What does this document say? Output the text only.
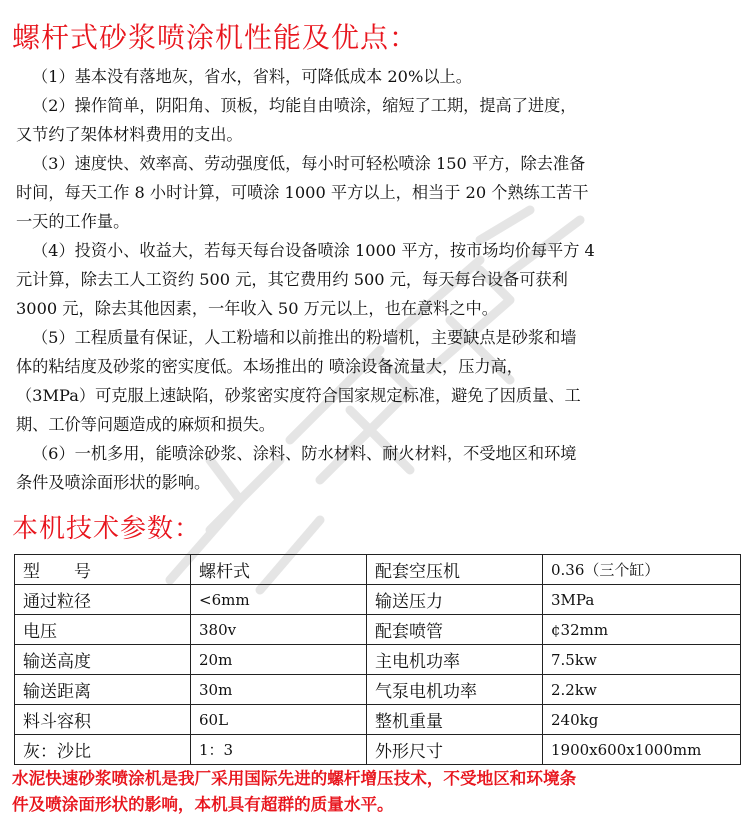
螺杆式砂浆喷涂机性能及优点：

（1）基本没有落地灰，省水，省料，可降低成本 20%以上。

（2）操作简单，阴阳角、顶板，均能自由喷涂，缩短了工期，提高了进度，
又节约了架体材料费用的支出。

（3）速度快、效率高、劳动强度低，每小时可轻松喷涂 150 平方，除去准备
时间，每天工作 8 小时计算，可喷涂 1000 平方以上，相当于 20 个熟练工苦干
一天的工作量。

（4）投资小、收益大，若每天每台设备喷涂 1000 平方，按市场均价每平方 4
元计算，除去工人工资约 500 元，其它费用约 500 元，每天每台设备可获利
3000 元，除去其他因素，一年收入 50 万元以上，也在意料之中。

（5）工程质量有保证，人工粉墙和以前推出的粉墙机，主要缺点是砂浆和墙
体的粘结度及砂浆的密实度低。本场推出的 喷涂设备流量大，压力高，
（3MPa）可克服上速缺陷，砂浆密实度符合国家规定标准，避免了因质量、工
期、工价等问题造成的麻烦和损失。

（6）一机多用，能喷涂砂浆、涂料、防水材料、耐火材料，不受地区和环境
条件及喷涂面形状的影响。

本机技术参数：
型　　号	螺杆式	配套空压机	0.36（三个缸）
通过粒径	<6mm	输送压力	3MPa
电压	380v	配套喷管	¢32mm
输送高度	20m	主电机功率	7.5kw
输送距离	30m	气泵电机功率	2.2kw
料斗容积	60L	整机重量	240kg
灰：沙比	1：3	外形尺寸	1900x600x1000mm

水泥快速砂浆喷涂机是我厂采用国际先进的螺杆增压技术，不受地区和环境条
件及喷涂面形状的影响，本机具有超群的质量水平。
